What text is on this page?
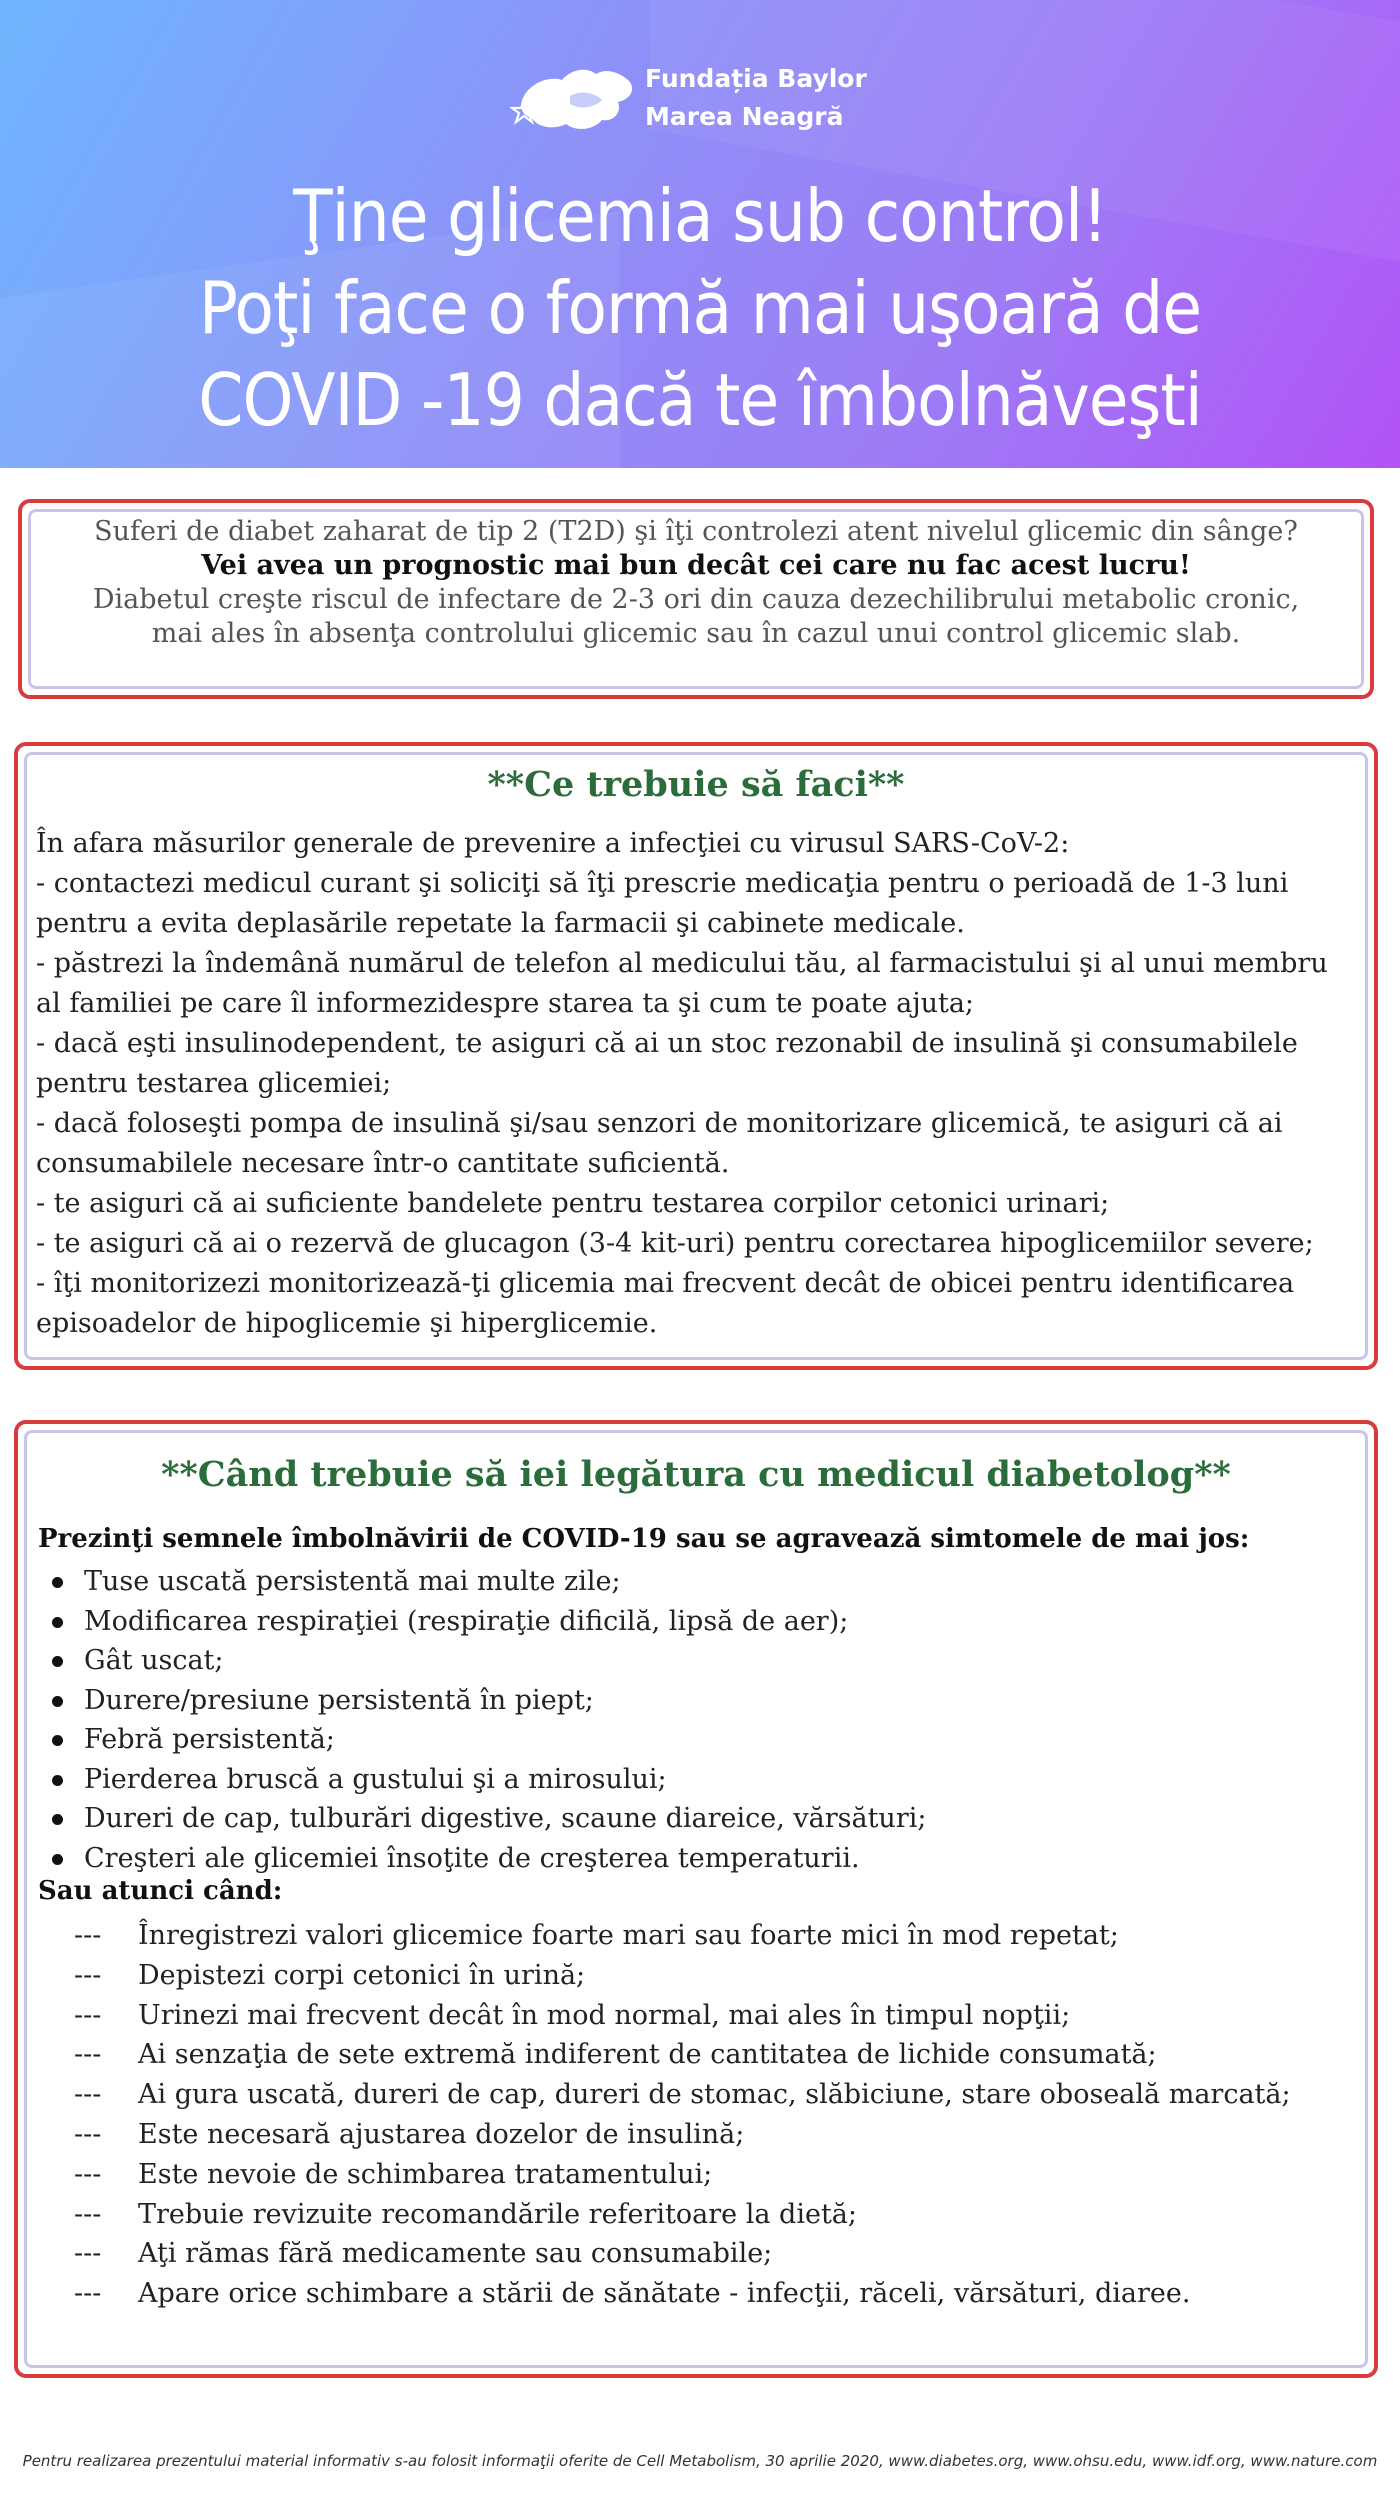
Fundația Baylor
Marea Neagră
Ţine glicemia sub control!
Poţi face o formă mai uşoară de
COVID -19 dacă te îmbolnăveşti
Suferi de diabet zaharat de tip 2 (T2D) şi îţi controlezi atent nivelul glicemic din sânge?
Vei avea un prognostic mai bun decât cei care nu fac acest lucru!
Diabetul creşte riscul de infectare de 2-3 ori din cauza dezechilibrului metabolic cronic,
mai ales în absenţa controlului glicemic sau în cazul unui control glicemic slab.
**Ce trebuie să faci**

În afara măsurilor generale de prevenire a infecţiei cu virusul SARS-CoV-2:

- contactezi medicul curant şi soliciţi să îţi prescrie medicaţia pentru o perioadă de 1-3 luni pentru a evita deplasările repetate la farmacii şi cabinete medicale.

- păstrezi la îndemână numărul de telefon al medicului tău, al farmacistului şi al unui membru al familiei pe care îl informezidespre starea ta şi cum te poate ajuta;

- dacă eşti insulinodependent, te asiguri că ai un stoc rezonabil de insulină şi consumabilele pentru testarea glicemiei;

- dacă foloseşti pompa de insulină şi/sau senzori de monitorizare glicemică, te asiguri că ai consumabilele necesare într-o cantitate suficientă.

- te asiguri că ai suficiente bandelete pentru testarea corpilor cetonici urinari;

- te asiguri că ai o rezervă de glucagon (3-4 kit-uri) pentru corectarea hipoglicemiilor severe;

- îţi monitorizezi monitorizează-ţi glicemia mai frecvent decât de obicei pentru identificarea episoadelor de hipoglicemie şi hiperglicemie.

**Când trebuie să iei legătura cu medicul diabetolog**
Prezinţi semnele îmbolnăvirii de COVID-19 sau se agravează simtomele de mai jos:
Tuse uscată persistentă mai multe zile;
Modificarea respiraţiei (respiraţie dificilă, lipsă de aer);
Gât uscat;
Durere/presiune persistentă în piept;
Febră persistentă;
Pierderea bruscă a gustului şi a mirosului;
Dureri de cap, tulburări digestive, scaune diareice, vărsături;
Creşteri ale glicemiei însoţite de creşterea temperaturii.
Sau atunci când:
--- Înregistrezi valori glicemice foarte mari sau foarte mici în mod repetat;
--- Depistezi corpi cetonici în urină;
--- Urinezi mai frecvent decât în mod normal, mai ales în timpul nopţii;
--- Ai senzaţia de sete extremă indiferent de cantitatea de lichide consumată;
--- Ai gura uscată, dureri de cap, dureri de stomac, slăbiciune, stare oboseală marcată;
--- Este necesară ajustarea dozelor de insulină;
--- Este nevoie de schimbarea tratamentului;
--- Trebuie revizuite recomandările referitoare la dietă;
--- Aţi rămas fără medicamente sau consumabile;
--- Apare orice schimbare a stării de sănătate - infecţii, răceli, vărsături, diaree.
Pentru realizarea prezentului material informativ s-au folosit informaţii oferite de Cell Metabolism, 30 aprilie 2020, www.diabetes.org, www.ohsu.edu, www.idf.org, www.nature.com
